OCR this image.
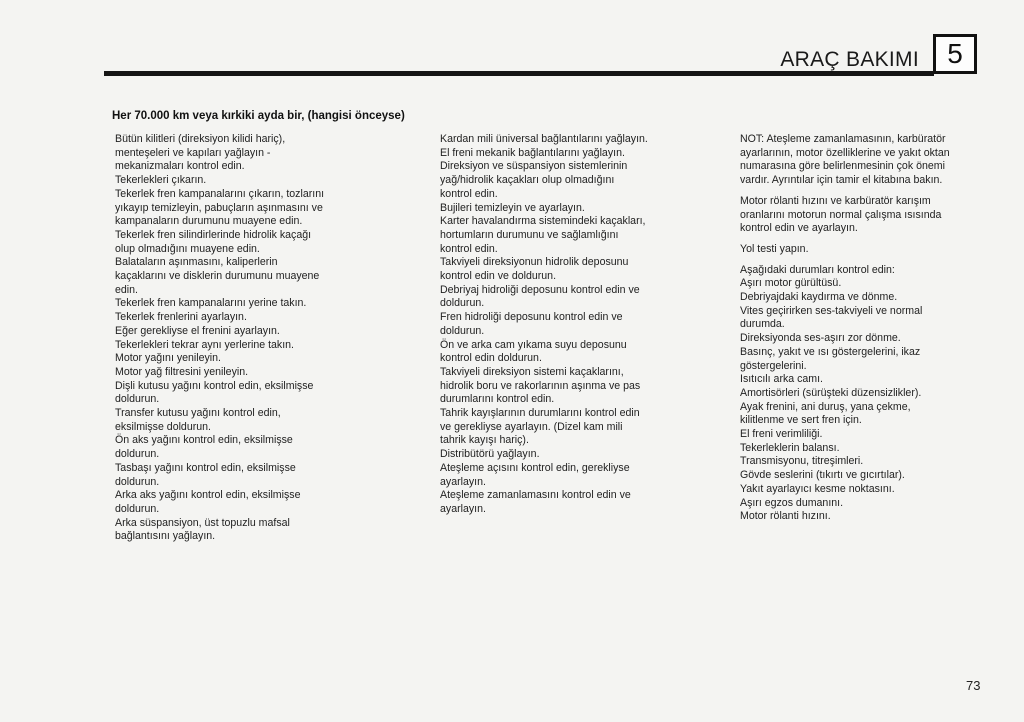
ARAÇ BAKIMI 5
Her 70.000 km veya kırkiki ayda bir, (hangisi önceyse)
Bütün kilitleri (direksiyon kilidi hariç),
menteşeleri ve kapıları yağlayın -
mekanizmaları kontrol edin.
Tekerlekleri çıkarın.
Tekerlek fren kampanalarını çıkarın, tozlarını
yıkayıp temizleyin, pabuçların aşınmasını ve
kampanaların durumunu muayene edin.
Tekerlek fren silindirlerinde hidrolik kaçağı
olup olmadığını muayene edin.
Balataların aşınmasını, kaliperlerin
kaçaklarını ve disklerin durumunu muayene
edin.
Tekerlek fren kampanalarını yerine takın.
Tekerlek frenlerini ayarlayın.
Eğer gerekliyse el frenini ayarlayın.
Tekerlekleri tekrar aynı yerlerine takın.
Motor yağını yenileyin.
Motor yağ filtresini yenileyin.
Dişli kutusu yağını kontrol edin, eksilmişse
doldurun.
Transfer kutusu yağını kontrol edin,
eksilmişse doldurun.
Ön aks yağını kontrol edin, eksilmişse
doldurun.
Tasbaşı yağını kontrol edin, eksilmişse
doldurun.
Arka aks yağını kontrol edin, eksilmişse
doldurun.
Arka süspansiyon, üst topuzlu mafsal
bağlantısını yağlayın.
Kardan mili üniversal bağlantılarını yağlayın.
El freni mekanik bağlantılarını yağlayın.
Direksiyon ve süspansiyon sistemlerinin
yağ/hidrolik kaçakları olup olmadığını
kontrol edin.
Bujileri temizleyin ve ayarlayın.
Karter havalandırma sistemindeki kaçakları,
hortumların durumunu ve sağlamlığını
kontrol edin.
Takviyeli direksiyonun hidrolik deposunu
kontrol edin ve doldurun.
Debriyaj hidroliği deposunu kontrol edin ve
doldurun.
Fren hidroliği deposunu kontrol edin ve
doldurun.
Ön ve arka cam yıkama suyu deposunu
kontrol edin doldurun.
Takviyeli direksiyon sistemi kaçaklarını,
hidrolik boru ve rakorlarının aşınma ve pas
durumlarını kontrol edin.
Tahrik kayışlarının durumlarını kontrol edin
ve gerekliyse ayarlayın. (Dizel kam mili
tahrik kayışı hariç).
Distribütörü yağlayın.
Ateşleme açısını kontrol edin, gerekliyse
ayarlayın.
Ateşleme zamanlamasını kontrol edin ve
ayarlayın.
NOT: Ateşleme zamanlamasının, karbüratör
ayarlarının, motor özelliklerine ve yakıt oktan
numarasına göre belirlenmesinin çok önemi
vardır. Ayrıntılar için tamir el kitabına bakın.
Motor rölanti hızını ve karbüratör karışım
oranlarını motorun normal çalışma ısısında
kontrol edin ve ayarlayın.
Yol testi yapın.
Aşağıdaki durumları kontrol edin:
Aşırı motor gürültüsü.
Debriyajdaki kaydırma ve dönme.
Vites geçirirken ses-takviyeli ve normal
durumda.
Direksiyonda ses-aşırı zor dönme.
Basınç, yakıt ve ısı göstergelerini, ikaz
göstergelerini.
Isıtıcılı arka camı.
Amortisörleri (sürüşteki düzensizlikler).
Ayak frenini, ani duruş, yana çekme,
kilitlenme ve sert fren için.
El freni verimliliği.
Tekerleklerin balansı.
Transmisyonu, titreşimleri.
Gövde seslerini (tıkırtı ve gıcırtılar).
Yakıt ayarlayıcı kesme noktasını.
Aşırı egzos dumanını.
Motor rölanti hızını.
73
